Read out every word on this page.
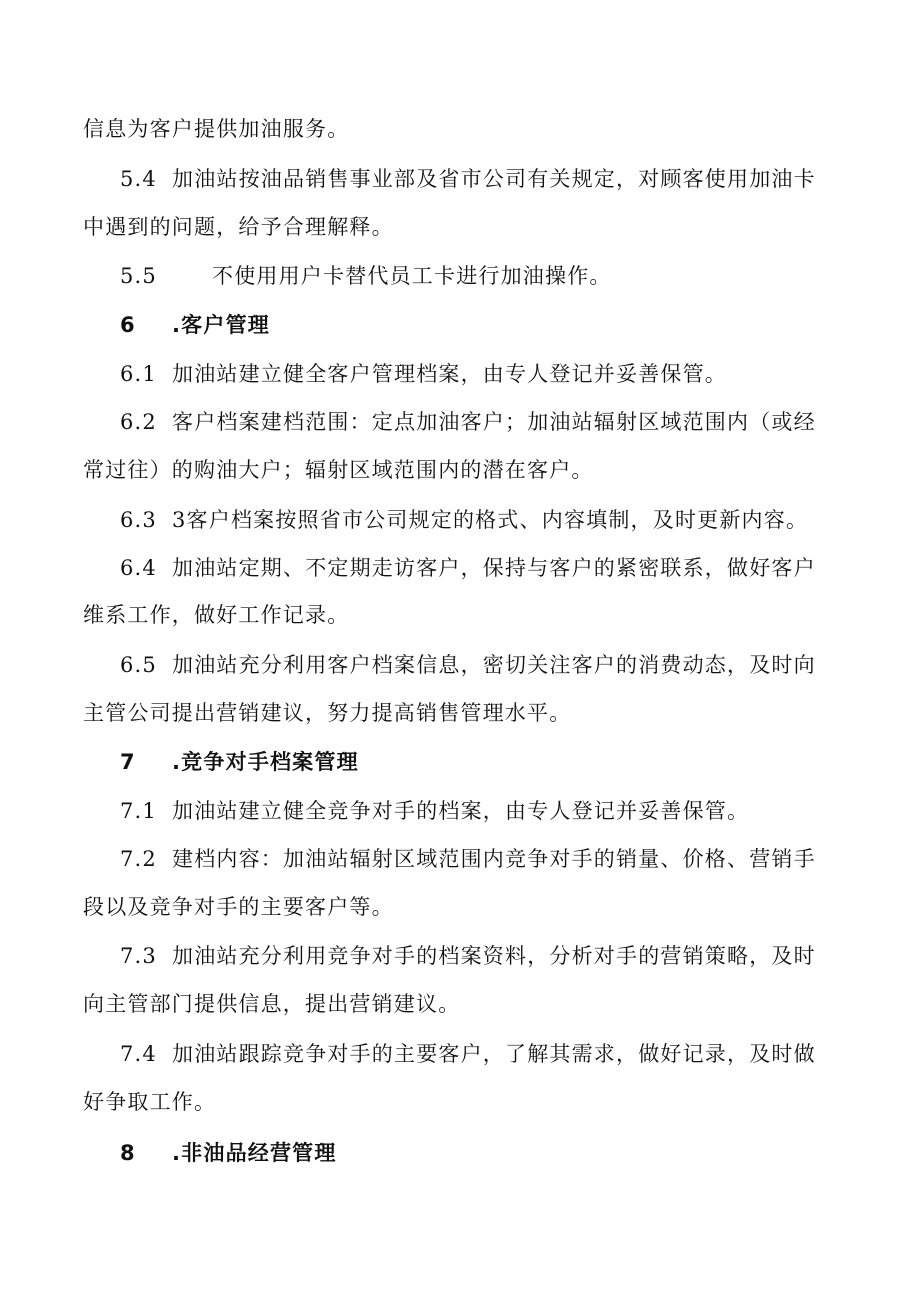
信息为客户提供加油服务。
5.4 加油站按油品销售事业部及省市公司有关规定，对顾客使用加油卡
中遇到的问题，给予合理解释。
5.5	不使用用户卡替代员工卡进行加油操作。
6 .客户管理
6.1 加油站建立健全客户管理档案，由专人登记并妥善保管。
6.2 客户档案建档范围：定点加油客户；加油站辐射区域范围内（或经
常过往）的购油大户；辐射区域范围内的潜在客户。
6.3 3客户档案按照省市公司规定的格式、内容填制，及时更新内容。
6.4 加油站定期、不定期走访客户，保持与客户的紧密联系，做好客户
维系工作，做好工作记录。
6.5 加油站充分利用客户档案信息，密切关注客户的消费动态，及时向
主管公司提出营销建议，努力提高销售管理水平。
7 .竞争对手档案管理
7.1 加油站建立健全竞争对手的档案，由专人登记并妥善保管。
7.2 建档内容：加油站辐射区域范围内竞争对手的销量、价格、营销手
段以及竞争对手的主要客户等。
7.3 加油站充分利用竞争对手的档案资料，分析对手的营销策略，及时
向主管部门提供信息，提出营销建议。
7.4 加油站跟踪竞争对手的主要客户，了解其需求，做好记录，及时做
好争取工作。
8 .非油品经营管理
